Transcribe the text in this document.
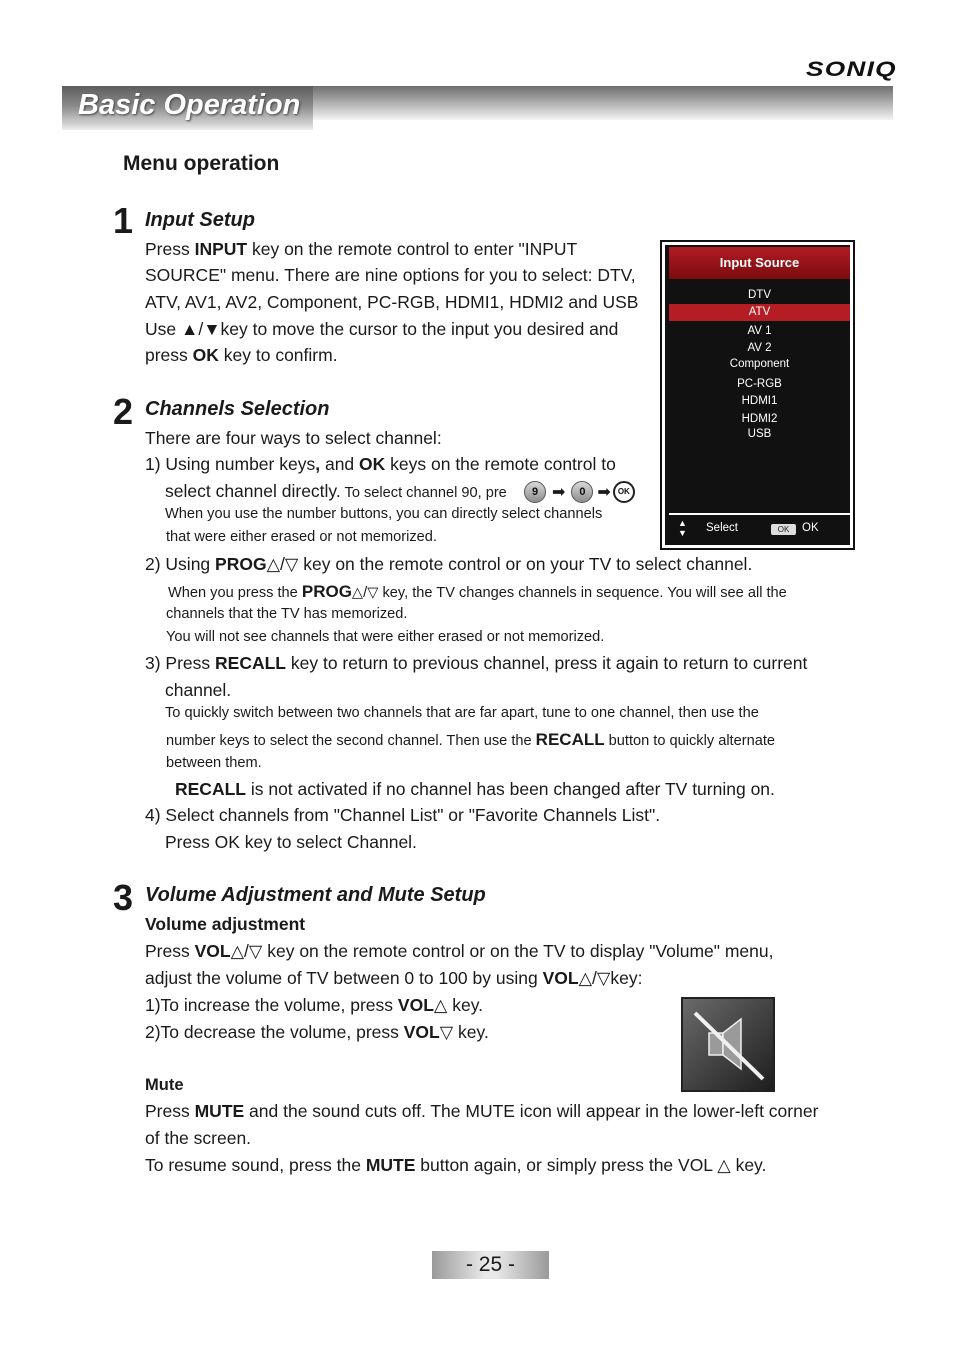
SONIQ
Basic Operation
Menu operation
1 Input Setup
Press INPUT key on the remote control to enter "INPUT
SOURCE" menu. There are nine options for you to select: DTV,
ATV, AV1, AV2, Component, PC-RGB, HDMI1, HDMI2 and USB
Use ▲/▼key to move the cursor to the input you desired and
press OK key to confirm.
Input Source
DTV
ATV
AV 1
AV 2
Component
PC-RGB
HDMI1
HDMI2
USB
▲
▼ Select	OK	OK
2 Channels Selection
There are four ways to select channel:
1) Using number keys, and OK keys on the remote control to
select channel directly. To select channel 90, pre	9 ➡ 0 ➡ OK
When you use the number buttons, you can directly select channels
that were either erased or not memorized.
2) Using PROG△/▽ key on the remote control or on your TV to select channel.
When you press the PROG△/▽ key, the TV changes channels in sequence. You will see all the
channels that the TV has memorized.
You will not see channels that were either erased or not memorized.
3) Press RECALL key to return to previous channel, press it again to return to current
channel.
To quickly switch between two channels that are far apart, tune to one channel, then use the
number keys to select the second channel. Then use the RECALL button to quickly alternate
between them.
RECALL is not activated if no channel has been changed after TV turning on.
4) Select channels from "Channel List" or "Favorite Channels List".
Press OK key to select Channel.
3 Volume Adjustment and Mute Setup
Volume adjustment
Press VOL△/▽ key on the remote control or on the TV to display "Volume" menu,
adjust the volume of TV between 0 to 100 by using VOL△/▽key:
1)To increase the volume, press VOL△ key.
2)To decrease the volume, press VOL▽ key.
Mute
Press MUTE and the sound cuts off. The MUTE icon will appear in the lower-left corner
of the screen.
To resume sound, press the MUTE button again, or simply press the VOL △ key.
- 25 -
